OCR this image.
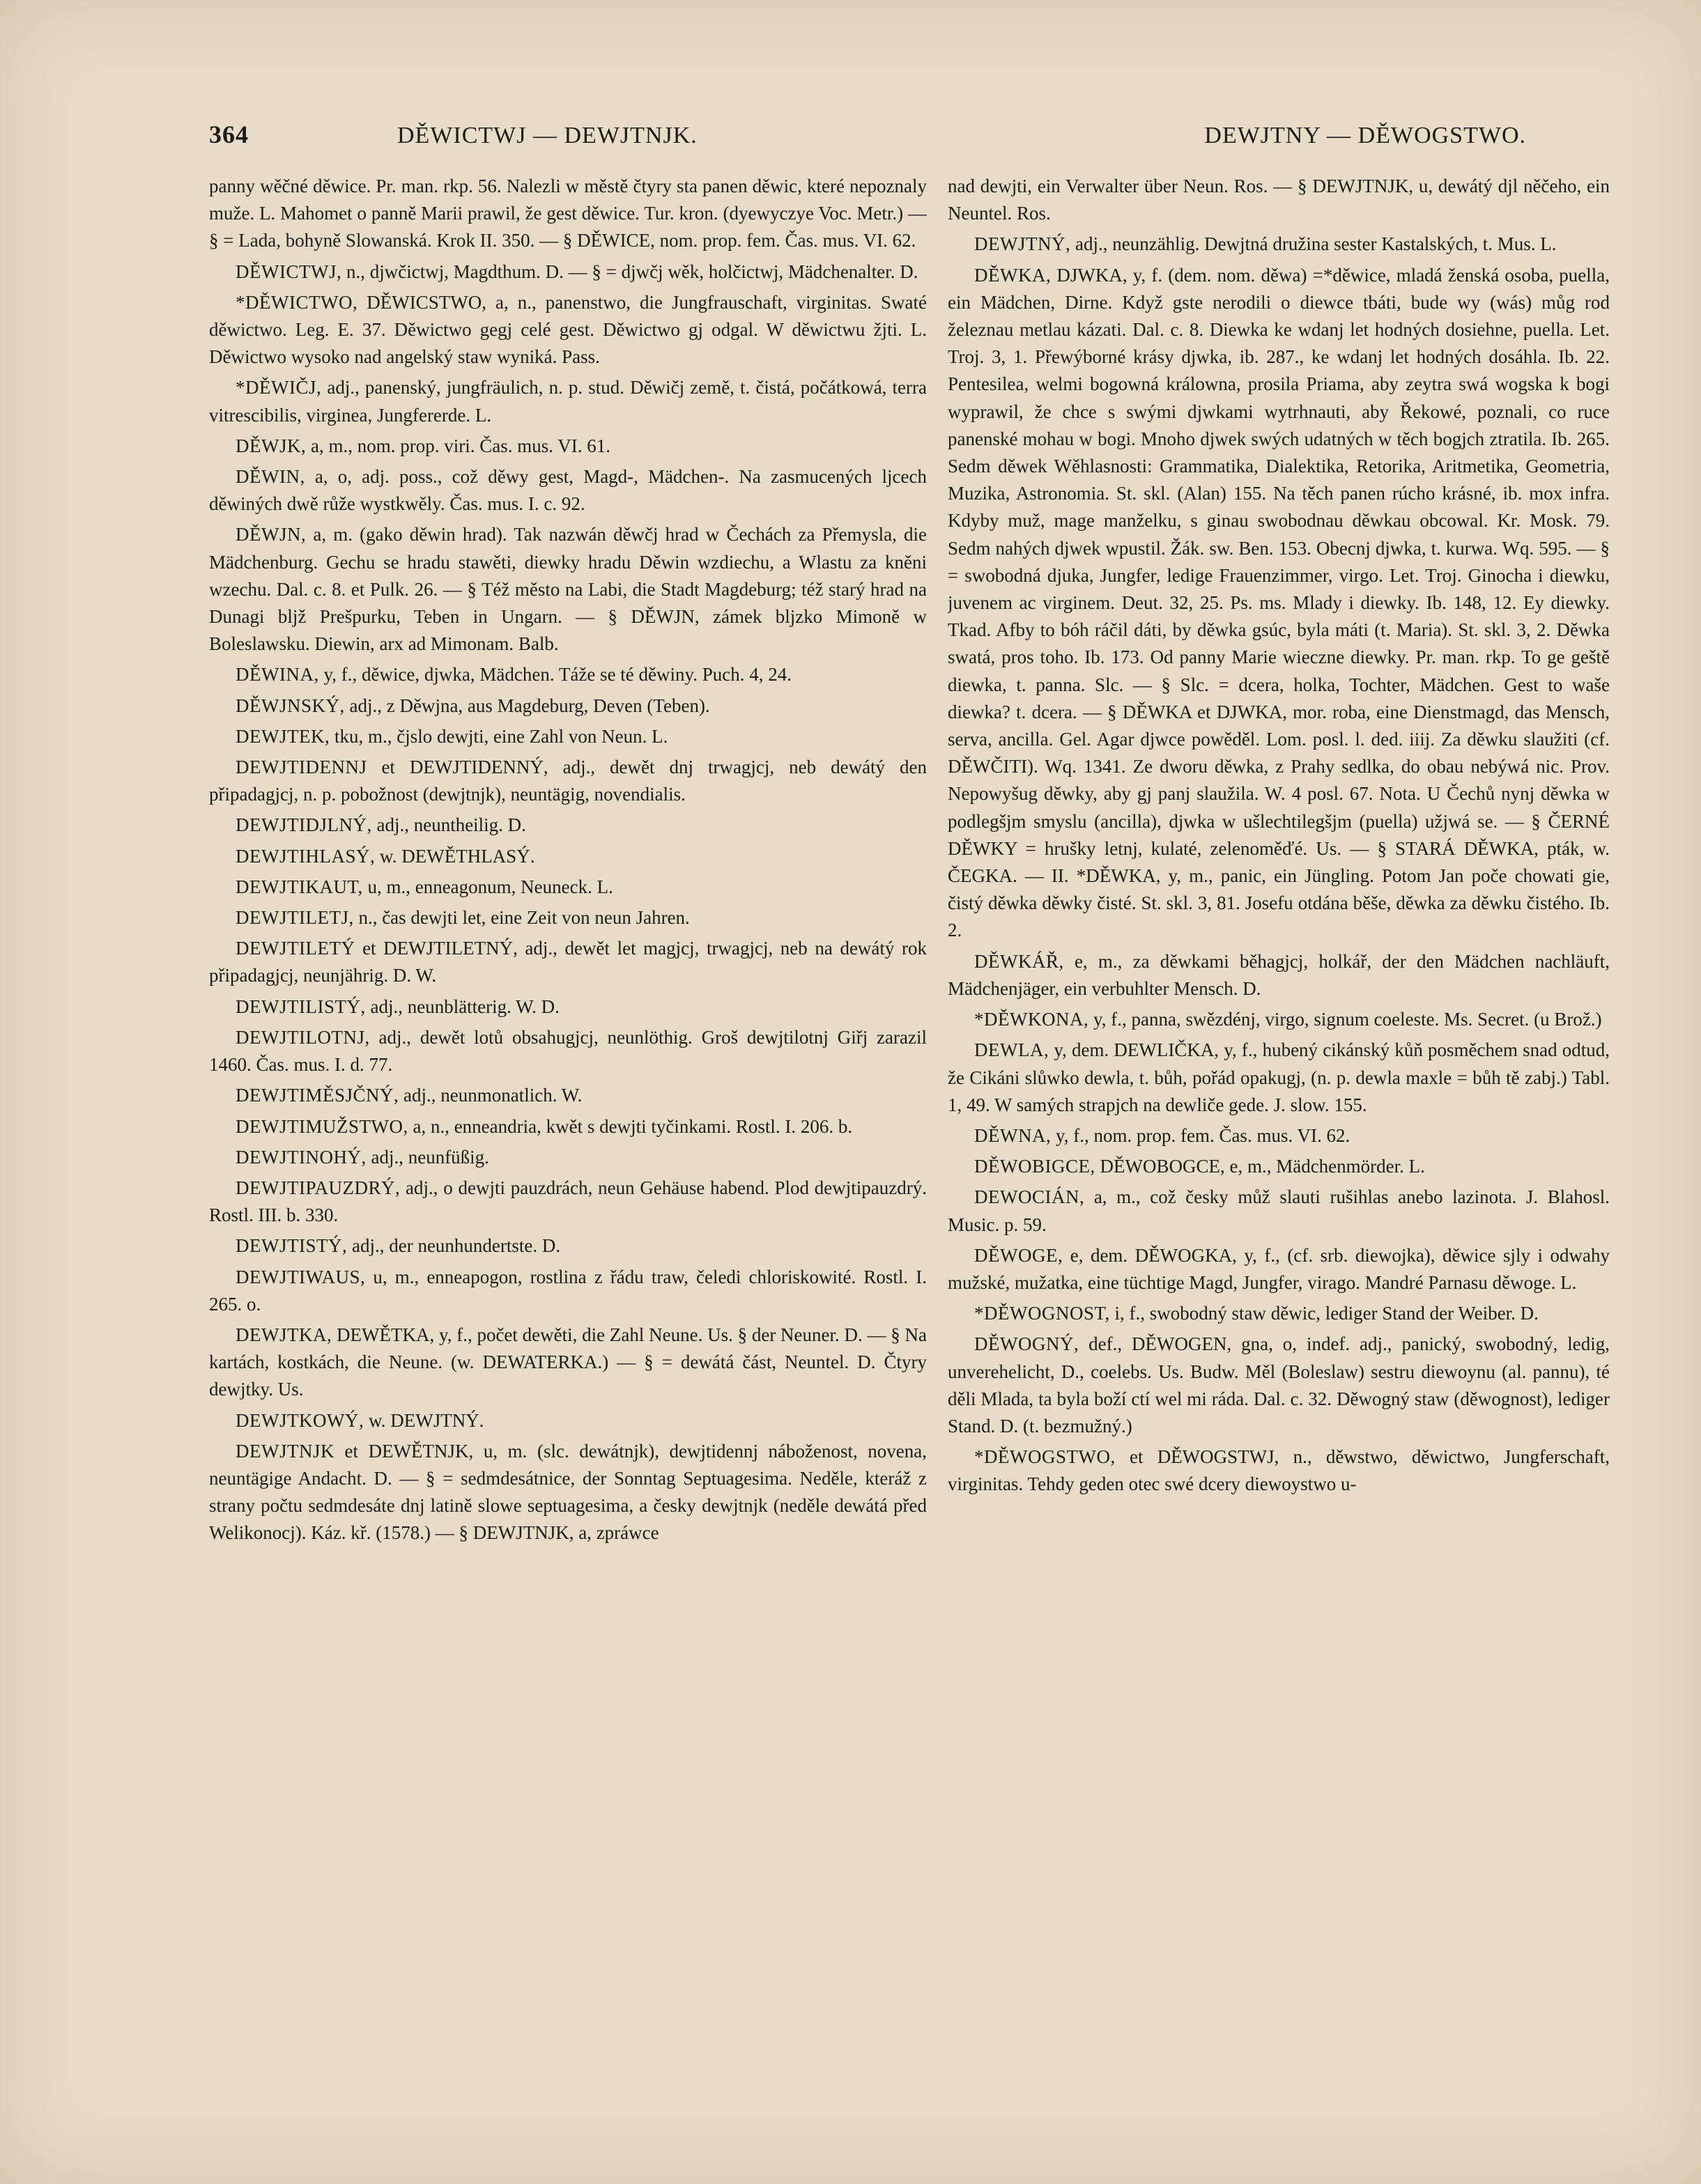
364	DĚWICTWJ — DEWJTNJK.	DEWJTNY — DĚWOGSTWO.

panny wěčné děwice. Pr. man. rkp. 56. Nalezli w městě čtyry sta panen děwic, které nepoznaly muže. L. Mahomet o panně Marii prawil, že gest děwice. Tur. kron. (dyewyczye Voc. Metr.) — § = Lada, bohyně Slowanská. Krok II. 350. — § DĚWICE, nom. prop. fem. Čas. mus. VI. 62.

DĚWICTWJ, n., djwčictwj, Magdthum. D. — § = djwčj wěk, holčictwj, Mädchenalter. D.

*DĚWICTWO, DĚWICSTWO, a, n., panenstwo, die Jungfrauschaft, virginitas. Swaté děwictwo. Leg. E. 37. Děwictwo gegj celé gest. Děwictwo gj odgal. W děwictwu žjti. L. Děwictwo wysoko nad angelský staw wyniká. Pass.

*DĚWIČJ, adj., panenský, jungfräulich, n. p. stud. Děwičj země, t. čistá, počátkowá, terra vitrescibilis, virginea, Jungfererde. L.

DĚWJK, a, m., nom. prop. viri. Čas. mus. VI. 61.

DĚWIN, a, o, adj. poss., což děwy gest, Magd-, Mädchen-. Na zasmucených ljcech děwiných dwě růže wystkwěly. Čas. mus. I. c. 92.

DĚWJN, a, m. (gako děwin hrad). Tak nazwán děwčj hrad w Čechách za Přemysla, die Mädchenburg. Gechu se hradu stawěti, diewky hradu Děwin wzdiechu, a Wlastu za kněni wzechu. Dal. c. 8. et Pulk. 26. — § Též město na Labi, die Stadt Magdeburg; též starý hrad na Dunagi bljž Prešpurku, Teben in Ungarn. — § DĚWJN, zámek bljzko Mimoně w Boleslawsku. Diewin, arx ad Mimonam. Balb.

DĚWINA, y, f., děwice, djwka, Mädchen. Táže se té děwiny. Puch. 4, 24.

DĚWJNSKÝ, adj., z Děwjna, aus Magdeburg, Deven (Teben).

DEWJTEK, tku, m., čjslo dewjti, eine Zahl von Neun. L.

DEWJTIDENNJ et DEWJTIDENNÝ, adj., dewět dnj trwagjcj, neb dewátý den připadagjcj, n. p. pobožnost (dewjtnjk), neuntägig, novendialis.

DEWJTIDJLNÝ, adj., neuntheilig. D.

DEWJTIHLASÝ, w. DEWĚTHLASÝ.

DEWJTIKAUT, u, m., enneagonum, Neuneck. L.

DEWJTILETJ, n., čas dewjti let, eine Zeit von neun Jahren.

DEWJTILETÝ et DEWJTILETNÝ, adj., dewět let magjcj, trwagjcj, neb na dewátý rok připadagjcj, neunjährig. D. W.

DEWJTILISTÝ, adj., neunblätterig. W. D.

DEWJTILOTNJ, adj., dewět lotů obsahugjcj, neunlöthig. Groš dewjtilotnj Giřj zarazil 1460. Čas. mus. I. d. 77.

DEWJTIMĚSJČNÝ, adj., neunmonatlich. W.

DEWJTIMUŽSTWO, a, n., enneandria, kwět s dewjti tyčinkami. Rostl. I. 206. b.

DEWJTINOHÝ, adj., neunfüßig.

DEWJTIPAUZDRÝ, adj., o dewjti pauzdrách, neun Gehäuse habend. Plod dewjtipauzdrý. Rostl. III. b. 330.

DEWJTISTÝ, adj., der neunhundertste. D.

DEWJTIWAUS, u, m., enneapogon, rostlina z řádu traw, čeledi chloriskowité. Rostl. I. 265. o.

DEWJTKA, DEWĚTKA, y, f., počet dewěti, die Zahl Neune. Us. § der Neuner. D. — § Na kartách, kostkách, die Neune. (w. DEWATERKA.) — § = dewátá část, Neuntel. D. Čtyry dewjtky. Us.

DEWJTKOWÝ, w. DEWJTNÝ.

DEWJTNJK et DEWĚTNJK, u, m. (slc. dewátnjk), dewjtidennj náboženost, novena, neuntägige Andacht. D. — § = sedmdesátnice, der Sonntag Septuagesima. Neděle, kteráž z strany počtu sedmdesáte dnj latině slowe septuagesima, a česky dewjtnjk (neděle dewátá před Welikonocj). Káz. kř. (1578.) — § DEWJTNJK, a, zpráwce

nad dewjti, ein Verwalter über Neun. Ros. — § DEWJTNJK, u, dewátý djl něčeho, ein Neuntel. Ros.

DEWJTNÝ, adj., neunzählig. Dewjtná družina sester Kastalských, t. Mus. L.

DĚWKA, DJWKA, y, f. (dem. nom. děwa) =*děwice, mladá ženská osoba, puella, ein Mädchen, Dirne. Když gste nerodili o diewce tbáti, bude wy (wás) můg rod železnau metlau kázati. Dal. c. 8. Diewka ke wdanj let hodných dosiehne, puella. Let. Troj. 3, 1. Přewýborné krásy djwka, ib. 287., ke wdanj let hodných dosáhla. Ib. 22. Pentesilea, welmi bogowná králowna, prosila Priama, aby zeytra swá wogska k bogi wyprawil, že chce s swými djwkami wytrhnauti, aby Řekowé, poznali, co ruce panenské mohau w bogi. Mnoho djwek swých udatných w těch bogjch ztratila. Ib. 265. Sedm děwek Wěhlasnosti: Grammatika, Dialektika, Retorika, Aritmetika, Geometria, Muzika, Astronomia. St. skl. (Alan) 155. Na těch panen rúcho krásné, ib. mox infra. Kdyby muž, mage manželku, s ginau swobodnau děwkau obcowal. Kr. Mosk. 79. Sedm nahých djwek wpustil. Žák. sw. Ben. 153. Obecnj djwka, t. kurwa. Wq. 595. — § = swobodná djuka, Jungfer, ledige Frauenzimmer, virgo. Let. Troj. Ginocha i diewku, juvenem ac virginem. Deut. 32, 25. Ps. ms. Mlady i diewky. Ib. 148, 12. Ey diewky. Tkad. Afby to bóh ráčil dáti, by děwka gsúc, byla máti (t. Maria). St. skl. 3, 2. Děwka swatá, pros toho. Ib. 173. Od panny Marie wieczne diewky. Pr. man. rkp. To ge geště diewka, t. panna. Slc. — § Slc. = dcera, holka, Tochter, Mädchen. Gest to waše diewka? t. dcera. — § DĚWKA et DJWKA, mor. roba, eine Dienstmagd, das Mensch, serva, ancilla. Gel. Agar djwce powěděl. Lom. posl. l. ded. iiij. Za děwku slaužiti (cf. DĚWČITI). Wq. 1341. Ze dworu děwka, z Prahy sedlka, do obau nebýwá nic. Prov. Nepowyšug děwky, aby gj panj slaužila. W. 4 posl. 67. Nota. U Čechů nynj děwka w podlegšjm smyslu (ancilla), djwka w ušlechtilegšjm (puella) užjwá se. — § ČERNÉ DĚWKY = hrušky letnj, kulaté, zelenoměďé. Us. — § STARÁ DĚWKA, pták, w. ČEGKA. — II. *DĚWKA, y, m., panic, ein Jüngling. Potom Jan poče chowati gie, čistý děwka děwky čisté. St. skl. 3, 81. Josefu otdána běše, děwka za děwku čistého. Ib. 2.

DĚWKÁŘ, e, m., za děwkami běhagjcj, holkář, der den Mädchen nachläuft, Mädchenjäger, ein verbuhlter Mensch. D.

*DĚWKONA, y, f., panna, swězdénj, virgo, signum coeleste. Ms. Secret. (u Brož.)

DEWLA, y, dem. DEWLIČKA, y, f., hubený cikánský kůň posměchem snad odtud, že Cikáni slůwko dewla, t. bůh, pořád opakugj, (n. p. dewla maxle = bůh tě zabj.) Tabl. 1, 49. W samých strapjch na dewliče gede. J. slow. 155.

DĚWNA, y, f., nom. prop. fem. Čas. mus. VI. 62.

DĚWOBIGCE, DĚWOBOGCE, e, m., Mädchenmörder. L.

DEWOCIÁN, a, m., což česky můž slauti rušihlas anebo lazinota. J. Blahosl. Music. p. 59.

DĚWOGE, e, dem. DĚWOGKA, y, f., (cf. srb. diewojka), děwice sjly i odwahy mužské, mužatka, eine tüchtige Magd, Jungfer, virago. Mandré Parnasu děwoge. L.

*DĚWOGNOST, i, f., swobodný staw děwic, lediger Stand der Weiber. D.

DĚWOGNÝ, def., DĚWOGEN, gna, o, indef. adj., panický, swobodný, ledig, unverehelicht, D., coelebs. Us. Budw. Měl (Boleslaw) sestru diewoynu (al. pannu), té děli Mlada, ta byla boží ctí wel mi ráda. Dal. c. 32. Děwogný staw (děwognost), lediger Stand. D. (t. bezmužný.)

*DĚWOGSTWO, et DĚWOGSTWJ, n., děwstwo, děwictwo, Jungferschaft, virginitas. Tehdy geden otec swé dcery diewoystwo u-
